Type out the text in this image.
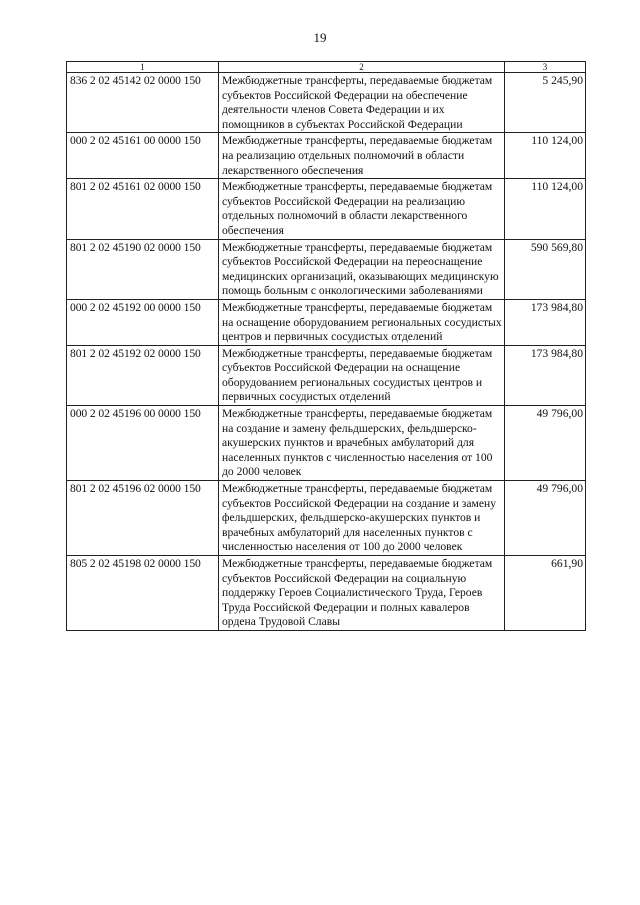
19
1	2	3
836 2 02 45142 02 0000 150	Межбюджетные трансферты, передаваемые бюджетам субъектов Российской Федерации на обеспечение деятельности членов Совета Федерации и их помощников в субъектах Российской Федерации	5 245,90
000 2 02 45161 00 0000 150	Межбюджетные трансферты, передаваемые бюджетам на реализацию отдельных полномочий в области лекарственного обеспечения	110 124,00
801 2 02 45161 02 0000 150	Межбюджетные трансферты, передаваемые бюджетам субъектов Российской Федерации на реализацию отдельных полномочий в области лекарственного обеспечения	110 124,00
801 2 02 45190 02 0000 150	Межбюджетные трансферты, передаваемые бюджетам субъектов Российской Федерации на переоснащение медицинских организаций, оказывающих медицинскую помощь больным с онкологическими заболеваниями	590 569,80
000 2 02 45192 00 0000 150	Межбюджетные трансферты, передаваемые бюджетам на оснащение оборудованием региональных сосудистых центров и первичных сосудистых отделений	173 984,80
801 2 02 45192 02 0000 150	Межбюджетные трансферты, передаваемые бюджетам субъектов Российской Федерации на оснащение оборудованием региональных сосудистых центров и первичных сосудистых отделений	173 984,80
000 2 02 45196 00 0000 150	Межбюджетные трансферты, передаваемые бюджетам на создание и замену фельдшерских, фельдшерско-акушерских пунктов и врачебных амбулаторий для населенных пунктов с численностью населения от 100 до 2000 человек	49 796,00
801 2 02 45196 02 0000 150	Межбюджетные трансферты, передаваемые бюджетам субъектов Российской Федерации на создание и замену фельдшерских, фельдшерско-акушерских пунктов и врачебных амбулаторий для населенных пунктов с численностью населения от 100 до 2000 человек	49 796,00
805 2 02 45198 02 0000 150	Межбюджетные трансферты, передаваемые бюджетам субъектов Российской Федерации на социальную поддержку Героев Социалистического Труда, Героев Труда Российской Федерации и полных кавалеров ордена Трудовой Славы	661,90
